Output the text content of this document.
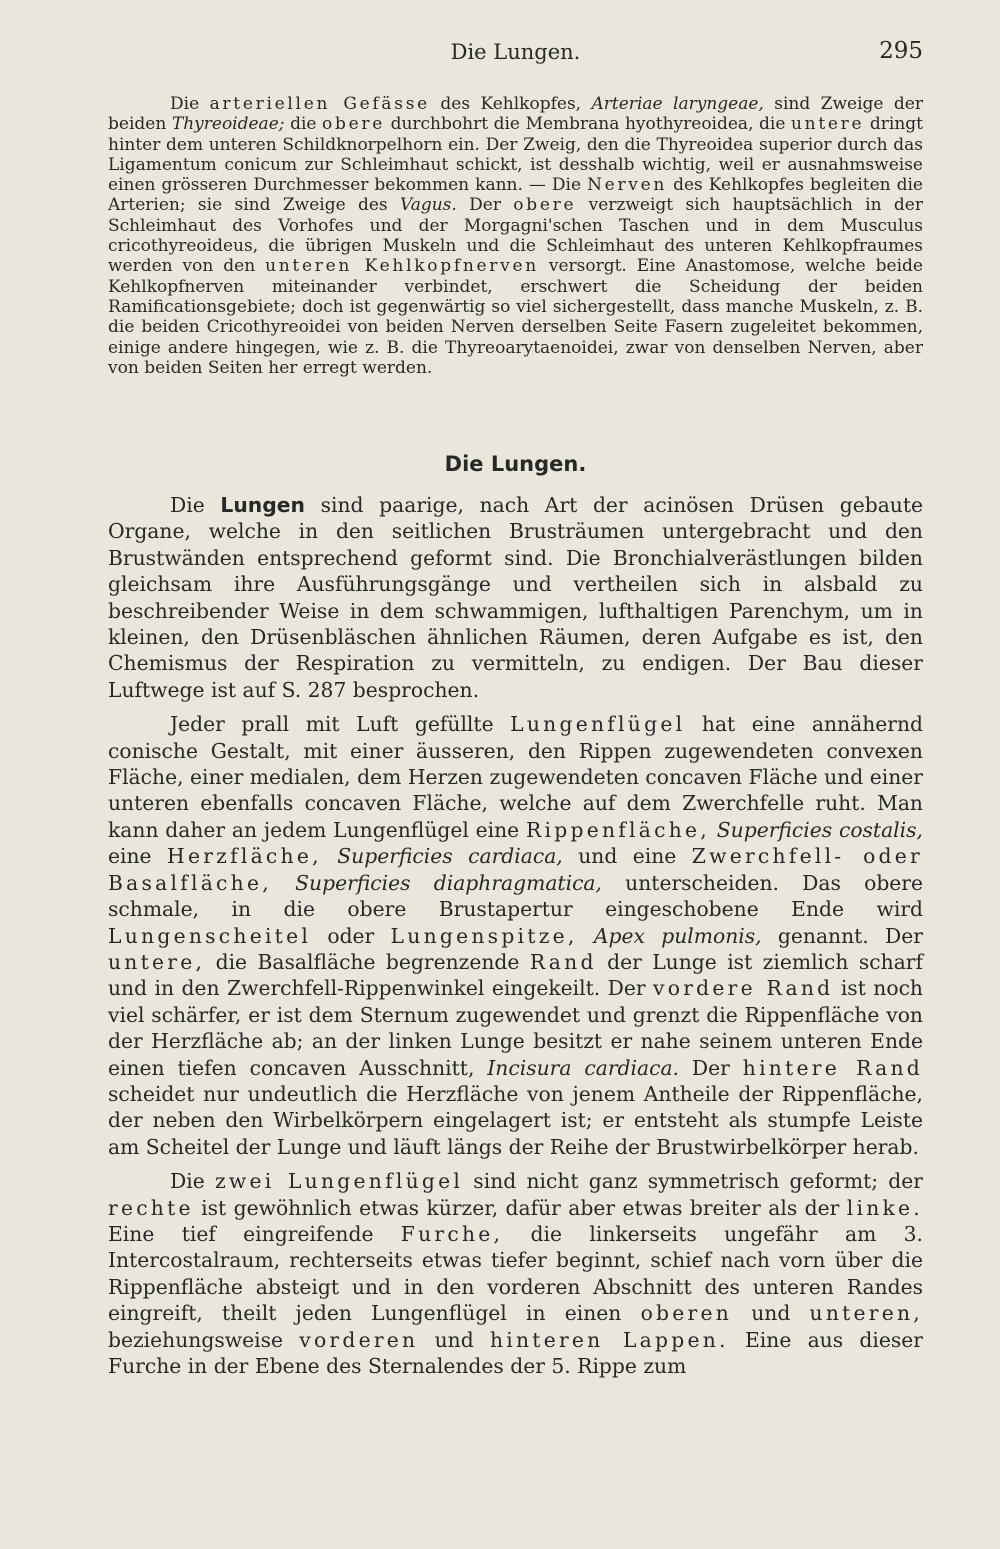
Die Lungen.	295

Die arteriellen Gefässe des Kehlkopfes, Arteriae laryngeae, sind Zweige der beiden Thyreoideae; die obere durchbohrt die Membrana hyothyreoidea, die untere dringt hinter dem unteren Schildknorpelhorn ein. Der Zweig, den die Thyreoidea superior durch das Ligamentum conicum zur Schleimhaut schickt, ist desshalb wichtig, weil er ausnahmsweise einen grösseren Durchmesser bekommen kann. — Die Nerven des Kehlkopfes begleiten die Arterien; sie sind Zweige des Vagus. Der obere verzweigt sich hauptsächlich in der Schleimhaut des Vorhofes und der Morgagni'schen Taschen und in dem Musculus cricothyreoideus, die übrigen Muskeln und die Schleimhaut des unteren Kehlkopfraumes werden von den unteren Kehlkopfnerven versorgt. Eine Anastomose, welche beide Kehlkopfnerven miteinander verbindet, erschwert die Scheidung der beiden Ramificationsgebiete; doch ist gegenwärtig so viel sichergestellt, dass manche Muskeln, z. B. die beiden Cricothyreoidei von beiden Nerven derselben Seite Fasern zugeleitet bekommen, einige andere hingegen, wie z. B. die Thyreoarytaenoidei, zwar von denselben Nerven, aber von beiden Seiten her erregt werden.

Die Lungen.

Die Lungen sind paarige, nach Art der acinösen Drüsen gebaute Organe, welche in den seitlichen Brusträumen untergebracht und den Brustwänden entsprechend geformt sind. Die Bronchialverästlungen bilden gleichsam ihre Ausführungsgänge und vertheilen sich in alsbald zu beschreibender Weise in dem schwammigen, lufthaltigen Parenchym, um in kleinen, den Drüsenbläschen ähnlichen Räumen, deren Aufgabe es ist, den Chemismus der Respiration zu vermitteln, zu endigen. Der Bau dieser Luftwege ist auf S. 287 besprochen.

Jeder prall mit Luft gefüllte Lungenflügel hat eine annähernd conische Gestalt, mit einer äusseren, den Rippen zugewendeten convexen Fläche, einer medialen, dem Herzen zugewendeten concaven Fläche und einer unteren ebenfalls concaven Fläche, welche auf dem Zwerchfelle ruht. Man kann daher an jedem Lungenflügel eine Rippenfläche, Superficies costalis, eine Herzfläche, Superficies cardiaca, und eine Zwerchfell- oder Basalfläche, Superficies diaphragmatica, unterscheiden. Das obere schmale, in die obere Brustapertur eingeschobene Ende wird Lungenscheitel oder Lungenspitze, Apex pulmonis, genannt. Der untere, die Basalfläche begrenzende Rand der Lunge ist ziemlich scharf und in den Zwerchfell-Rippenwinkel eingekeilt. Der vordere Rand ist noch viel schärfer, er ist dem Sternum zugewendet und grenzt die Rippenfläche von der Herzfläche ab; an der linken Lunge besitzt er nahe seinem unteren Ende einen tiefen concaven Ausschnitt, Incisura cardiaca. Der hintere Rand scheidet nur undeutlich die Herzfläche von jenem Antheile der Rippenfläche, der neben den Wirbelkörpern eingelagert ist; er entsteht als stumpfe Leiste am Scheitel der Lunge und läuft längs der Reihe der Brustwirbelkörper herab.

Die zwei Lungenflügel sind nicht ganz symmetrisch geformt; der rechte ist gewöhnlich etwas kürzer, dafür aber etwas breiter als der linke. Eine tief eingreifende Furche, die linkerseits ungefähr am 3. Intercostalraum, rechterseits etwas tiefer beginnt, schief nach vorn über die Rippenfläche absteigt und in den vorderen Abschnitt des unteren Randes eingreift, theilt jeden Lungenflügel in einen oberen und unteren, beziehungsweise vorderen und hinteren Lappen. Eine aus dieser Furche in der Ebene des Sternalendes der 5. Rippe zum
